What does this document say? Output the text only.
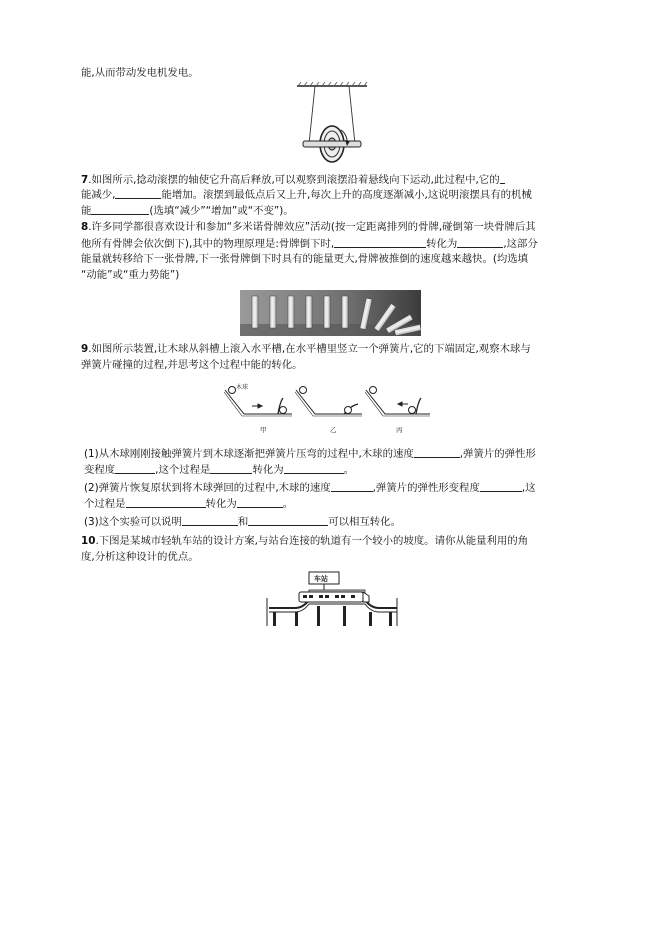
能,从而带动发电机发电。
7.如图所示,捻动滚摆的轴使它升高后释放,可以观察到滚摆沿着悬线向下运动,此过程中,它的
能减少,	能增加。滚摆到最低点后又上升,每次上升的高度逐渐减小,这说明滚摆具有的机械
能	(选填“减少”“增加”或“不变”)。
8.许多同学都很喜欢设计和参加“多米诺骨牌效应”活动(按一定距离排列的骨牌,碰倒第一块骨牌后其
他所有骨牌会依次倒下),其中的物理原理是:骨牌倒下时,	转化为	,这部分
能量就转移给下一张骨牌,下一张骨牌倒下时具有的能量更大,骨牌被推倒的速度越来越快。(均选填
“动能”或“重力势能”)
9.如图所示装置,让木球从斜槽上滚入水平槽,在水平槽里竖立一个弹簧片,它的下端固定,观察木球与
弹簧片碰撞的过程,并思考这个过程中能的转化。
木球
甲	乙	丙
(1)从木球刚刚接触弹簧片到木球逐渐把弹簧片压弯的过程中,木球的速度	,弹簧片的弹性形
变程度	,这个过程是	转化为	。
(2)弹簧片恢复原状到将木球弹回的过程中,木球的速度	,弹簧片的弹性形变程度	,这
个过程是	转化为	。
(3)这个实验可以说明	和	可以相互转化。
10.下图是某城市轻轨车站的设计方案,与站台连接的轨道有一个较小的坡度。请你从能量利用的角
度,分析这种设计的优点。
车站
